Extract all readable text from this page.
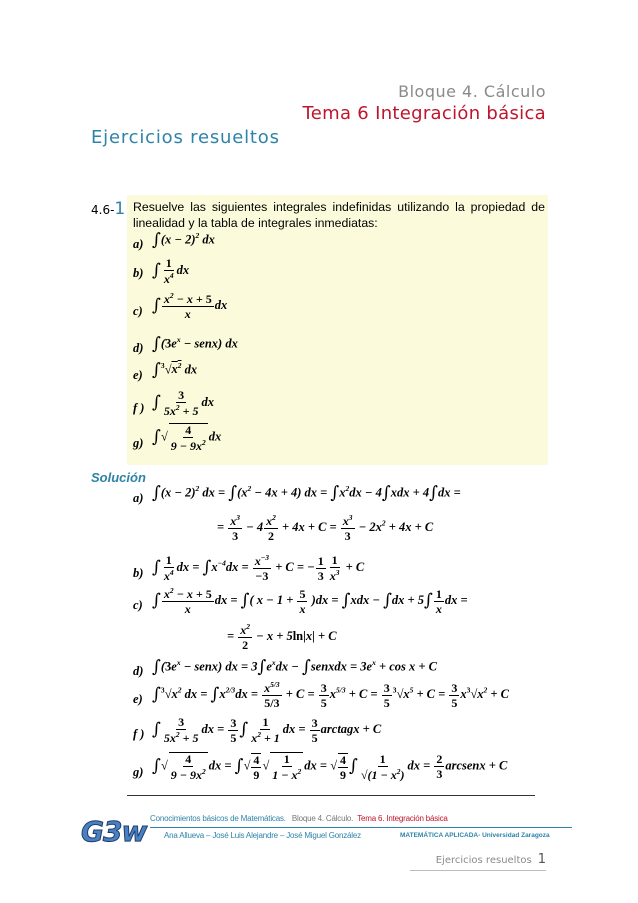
Bloque 4. Cálculo
Tema 6 Integración básica
Ejercicios resueltos
4.6-1 Resuelve las siguientes integrales indefinidas utilizando la propiedad de linealidad y la tabla de integrales inmediatas:
a) $\int(x - 2)^2$ dx
b) ∫ $\frac{1}{x^4}$ dx
c) ∫ $\frac{x^2 - x + 5}{x}$ dx
d) $\int(3e^x$ − senx) dx
e) $\int^3√x^2$ dx
f ) ∫ $\frac{3}{5x^2 + 5}$ dx
g) ∫√ $\frac{4}{9 - 9x^2}$ dx
Solución
a) $\int(x - 2)^2$ dx = $\int(x^2 - 4x + 4)$ dx = $\int x^2dx - 4\int xdx + 4\int dx$ =
= $\frac{x^3}{3} - 4 \frac{x^2}{2} + 4x + C = \frac{x^3}{3} - 2x^2 + 4x + C$
b) ∫ $\frac{1}{x^4}$ dx = $\int x^{-4}dx = \frac{x^{-3}}{-3} + C$ = − $\frac{1}{3} \frac{1}{x^3} + C$
c) ∫ $\frac{x^2 - x + 5}{x}$ dx = ∫( $x - 1 + \frac{5}{x} )dx = \int xdx - \int dx + 5\int \frac{1}{x}$ dx =
= $\frac{x^2}{2} - x + 5\ln|x| + C$
d) $\int(3e^x$ − senx) dx = $3\int e^xdx$ − ∫senxdx = $3e^x + \cos x + C$
e) $\int^3√x^2$ dx = $\int x^{2/3}dx = \frac{x^{5/3}}{5/3} + C = \frac{3}{5} x^{5/3} + C = \frac{3}{5} ^3√x^5 + C = \frac{3}{5} x^3√x^2 + C$
f ) ∫ $\frac{3}{5x^2 + 5}$ dx = $\frac{3}{5}$ ∫ $\frac{1}{x^2 + 1}$ dx = $\frac{3}{5}$ arctagx + C
g) ∫√ $\frac{4}{9 - 9x^2}$ dx = ∫√ $\frac{4}{9}$ √ $\frac{1}{1 - x^2}$ dx = √ $\frac{4}{9}$ ∫ $\frac{1}{√(1 - x^2)}$ dx = $\frac{2}{3}$ arcsenx + C
G3w Conocimientos básicos de Matemáticas. Bloque 4. Cálculo. Tema 6. Integración básica
Ana Allueva – José Luis Alejandre – José Miguel González	MATEMÁTICA APLICADA- Universidad Zaragoza
Ejercicios resueltos 1
